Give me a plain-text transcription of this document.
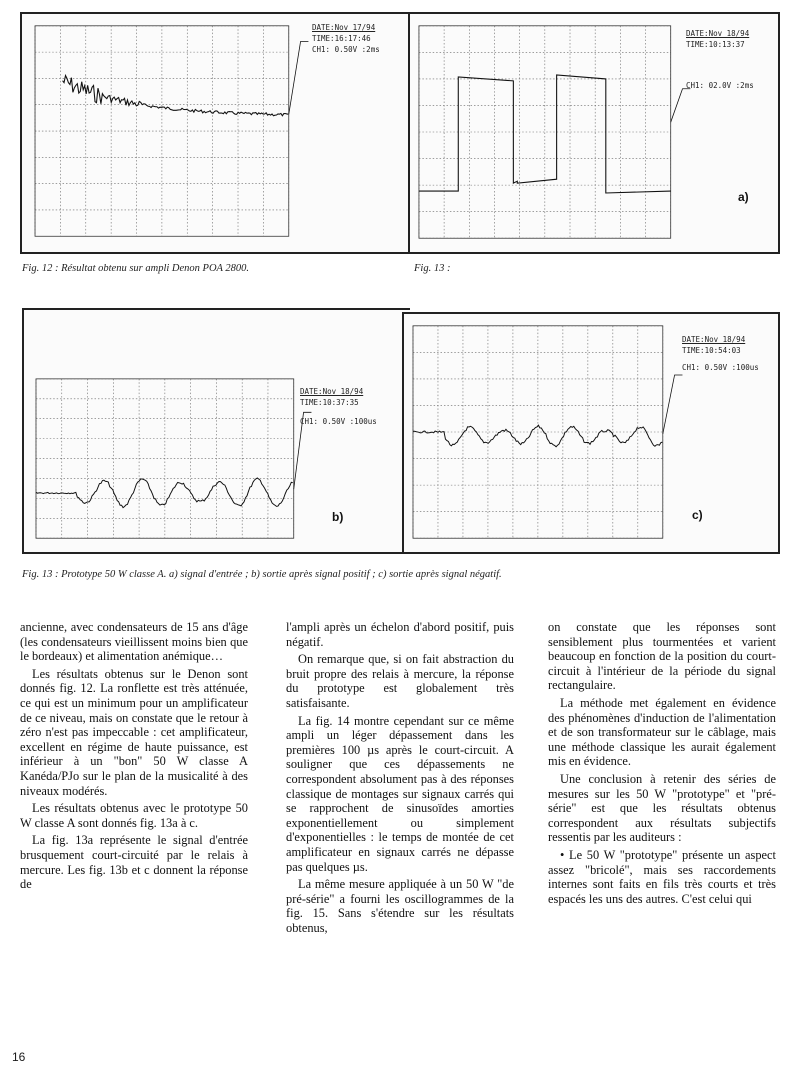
DATE:Nov 17/94
TIME:16:17:46
CH1: 0.50V :2ms
DATE:Nov 18/94
TIME:10:13:37
CH1: 02.0V :2ms
a)
Fig. 12 : Résultat obtenu sur ampli Denon POA 2800.	Fig. 13 :
DATE:Nov 18/94
TIME:10:37:35
CH1: 0.50V :100us
b)
DATE:Nov 18/94
TIME:10:54:03
CH1: 0.50V :100us
c)
Fig. 13 : Prototype 50 W classe A. a) signal d'entrée ; b) sortie après signal positif ; c) sortie après signal négatif.

ancienne, avec condensateurs de 15 ans d'âge (les condensateurs vieillissent moins bien que le bordeaux) et alimentation anémique…

Les résultats obtenus sur le Denon sont donnés fig. 12. La ronflette est très atténuée, ce qui est un minimum pour un amplificateur de ce niveau, mais on constate que le retour à zéro n'est pas impeccable : cet amplificateur, excellent en régime de haute puissance, est inférieur à un "bon" 50 W classe A Kanéda/PJo sur le plan de la musicalité à des niveaux modérés.

Les résultats obtenus avec le prototype 50 W classe A sont donnés fig. 13a à c.

La fig. 13a représente le signal d'entrée brusquement court-circuité par le relais à mercure. Les fig. 13b et c donnent la réponse de

l'ampli après un échelon d'abord positif, puis négatif.

On remarque que, si on fait abstraction du bruit propre des relais à mercure, la réponse du prototype est globalement très satisfaisante.

La fig. 14 montre cependant sur ce même ampli un léger dépassement dans les premières 100 µs après le court-circuit. A souligner que ces dépassements ne correspondent absolument pas à des réponses classique de montages sur signaux carrés qui se rapprochent de sinusoïdes amorties exponentiellement ou simplement d'exponentielles : le temps de montée de cet amplificateur en signaux carrés ne dépasse pas quelques µs.

La même mesure appliquée à un 50 W "de pré-série" a fourni les oscillogrammes de la fig. 15. Sans s'étendre sur les résultats obtenus,

on constate que les réponses sont sensiblement plus tourmentées et varient beaucoup en fonction de la position du court-circuit à l'intérieur de la période du signal rectangulaire.

La méthode met également en évidence des phénomènes d'induction de l'alimentation et de son transformateur sur le câblage, mais une méthode classique les aurait également mis en évidence.

Une conclusion à retenir des séries de mesures sur les 50 W "prototype" et "pré-série" est que les résultats obtenus correspondent aux résultats subjectifs ressentis par les auditeurs :

• Le 50 W "prototype" présente un aspect assez "bricolé", mais ses raccordements internes sont faits en fils très courts et très espacés les uns des autres. C'est celui qui

16
